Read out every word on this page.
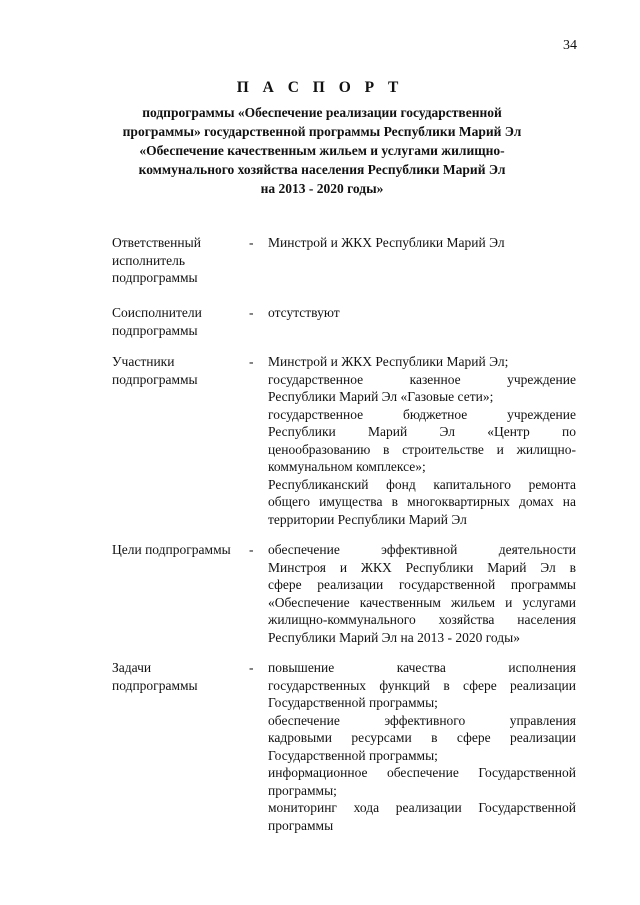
34
П А С П О Р Т
подпрограммы «Обеспечение реализации государственной
программы» государственной программы Республики Марий Эл
«Обеспечение качественным жильем и услугами жилищно-
коммунального хозяйства населения Республики Марий Эл
на 2013 - 2020 годы»
Ответственный исполнитель подпрограммы
- Минстрой и ЖКХ Республики Марий Эл
Соисполнители подпрограммы
- отсутствуют
Участники подпрограммы
- Минстрой и ЖКХ Республики Марий Эл;
государственное казенное учреждение
Республики Марий Эл «Газовые сети»;
государственное бюджетное учреждение
Республики Марий Эл «Центр по
ценообразованию в строительстве и жилищно-
коммунальном комплексе»;
Республиканский фонд капитального ремонта
общего имущества в многоквартирных домах на
территории Республики Марий Эл
Цели подпрограммы - обеспечение эффективной деятельности
Минстроя и ЖКХ Республики Марий Эл в
сфере реализации государственной программы
«Обеспечение качественным жильем и услугами
жилищно-коммунального хозяйства населения
Республики Марий Эл на 2013 - 2020 годы»
Задачи подпрограммы
- повышение качества исполнения
государственных функций в сфере реализации
Государственной программы;
обеспечение эффективного управления
кадровыми ресурсами в сфере реализации
Государственной программы;
информационное обеспечение Государственной
программы;
мониторинг хода реализации Государственной
программы
